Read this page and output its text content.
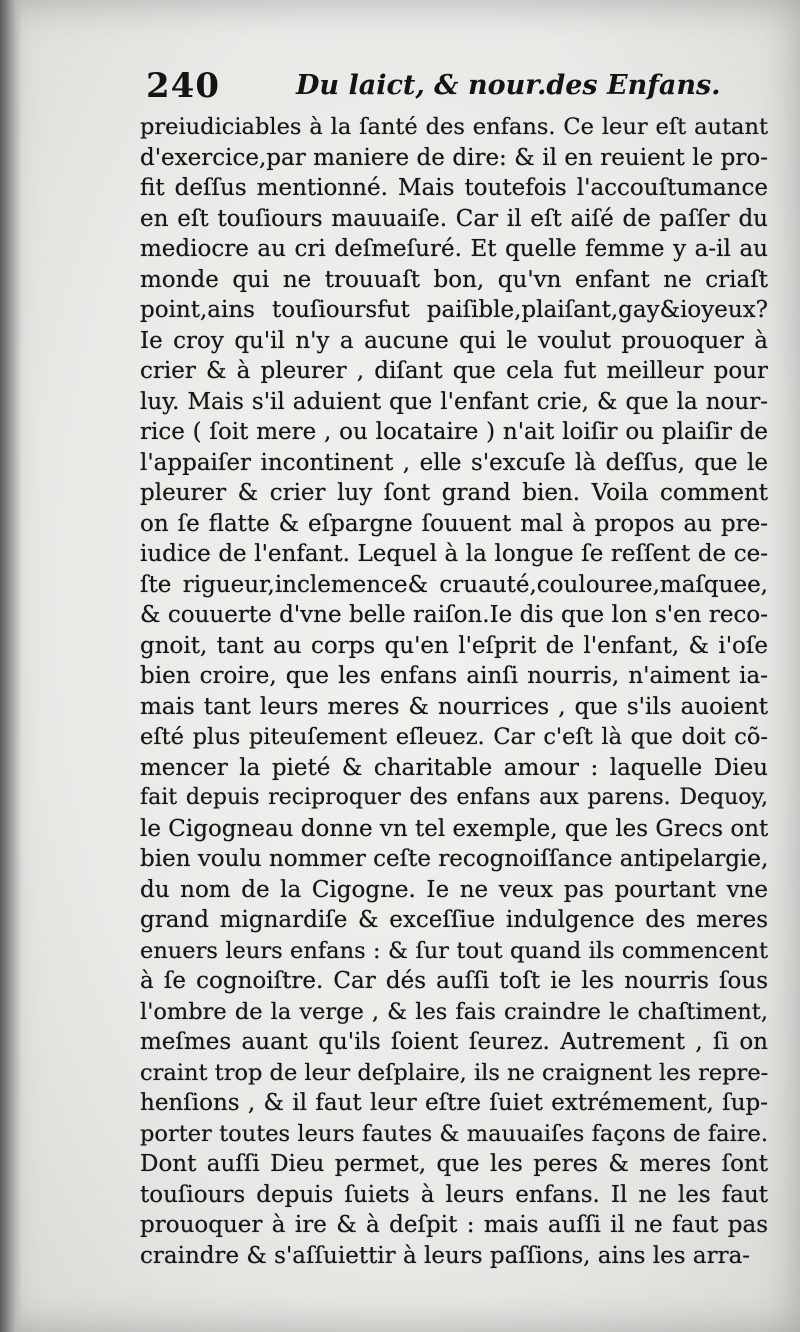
240	Du laict, & nour.des Enfans.
preiudiciables à la ſanté des enfans. Ce leur eſt autant
d'exercice,par maniere de dire: & il en reuient le pro-
fit deſſus mentionné. Mais toutefois l'accouſtumance
en eſt touſiours mauuaiſe. Car il eſt aiſé de paſſer du
mediocre au cri deſmeſuré. Et quelle femme y a-il au
monde qui ne trouuaſt bon, qu'vn enfant ne criaſt
point,ains touſioursfut paiſible,plaiſant,gay&ioyeux?
Ie croy qu'il n'y a aucune qui le voulut prouoquer à
crier & à pleurer , diſant que cela fut meilleur pour
luy. Mais s'il aduient que l'enfant crie, & que la nour-
rice ( ſoit mere , ou locataire ) n'ait loiſir ou plaiſir de
l'appaiſer incontinent , elle s'excuſe là deſſus, que le
pleurer & crier luy ſont grand bien. Voila comment
on ſe flatte & eſpargne ſouuent mal à propos au pre-
iudice de l'enfant. Lequel à la longue ſe reſſent de ce-
ſte rigueur,inclemence& cruauté,coulouree,maſquee,
& couuerte d'vne belle raiſon.Ie dis que lon s'en reco-
gnoit, tant au corps qu'en l'eſprit de l'enfant, & i'oſe
bien croire, que les enfans ainſi nourris, n'aiment ia-
mais tant leurs meres & nourrices , que s'ils auoient
eſté plus piteuſement eſleuez. Car c'eſt là que doit cõ-
mencer la pieté & charitable amour : laquelle Dieu
fait depuis reciproquer des enfans aux parens. Dequoy,
le Cigogneau donne vn tel exemple, que les Grecs ont
bien voulu nommer ceſte recognoiſſance antipelargie,
du nom de la Cigogne. Ie ne veux pas pourtant vne
grand mignardiſe & exceſſiue indulgence des meres
enuers leurs enfans : & ſur tout quand ils commencent
à ſe cognoiſtre. Car dés auſſi toſt ie les nourris ſous
l'ombre de la verge , & les fais craindre le chaſtiment,
meſmes auant qu'ils ſoient ſeurez. Autrement , ſi on
craint trop de leur deſplaire, ils ne craignent les repre-
henſions , & il faut leur eſtre ſuiet extrémement, ſup-
porter toutes leurs fautes & mauuaiſes façons de faire.
Dont auſſi Dieu permet, que les peres & meres ſont
touſiours depuis ſuiets à leurs enfans. Il ne les faut
prouoquer à ire & à deſpit : mais auſſi il ne faut pas
craindre & s'aſſuiettir à leurs paſſions, ains les arra-
